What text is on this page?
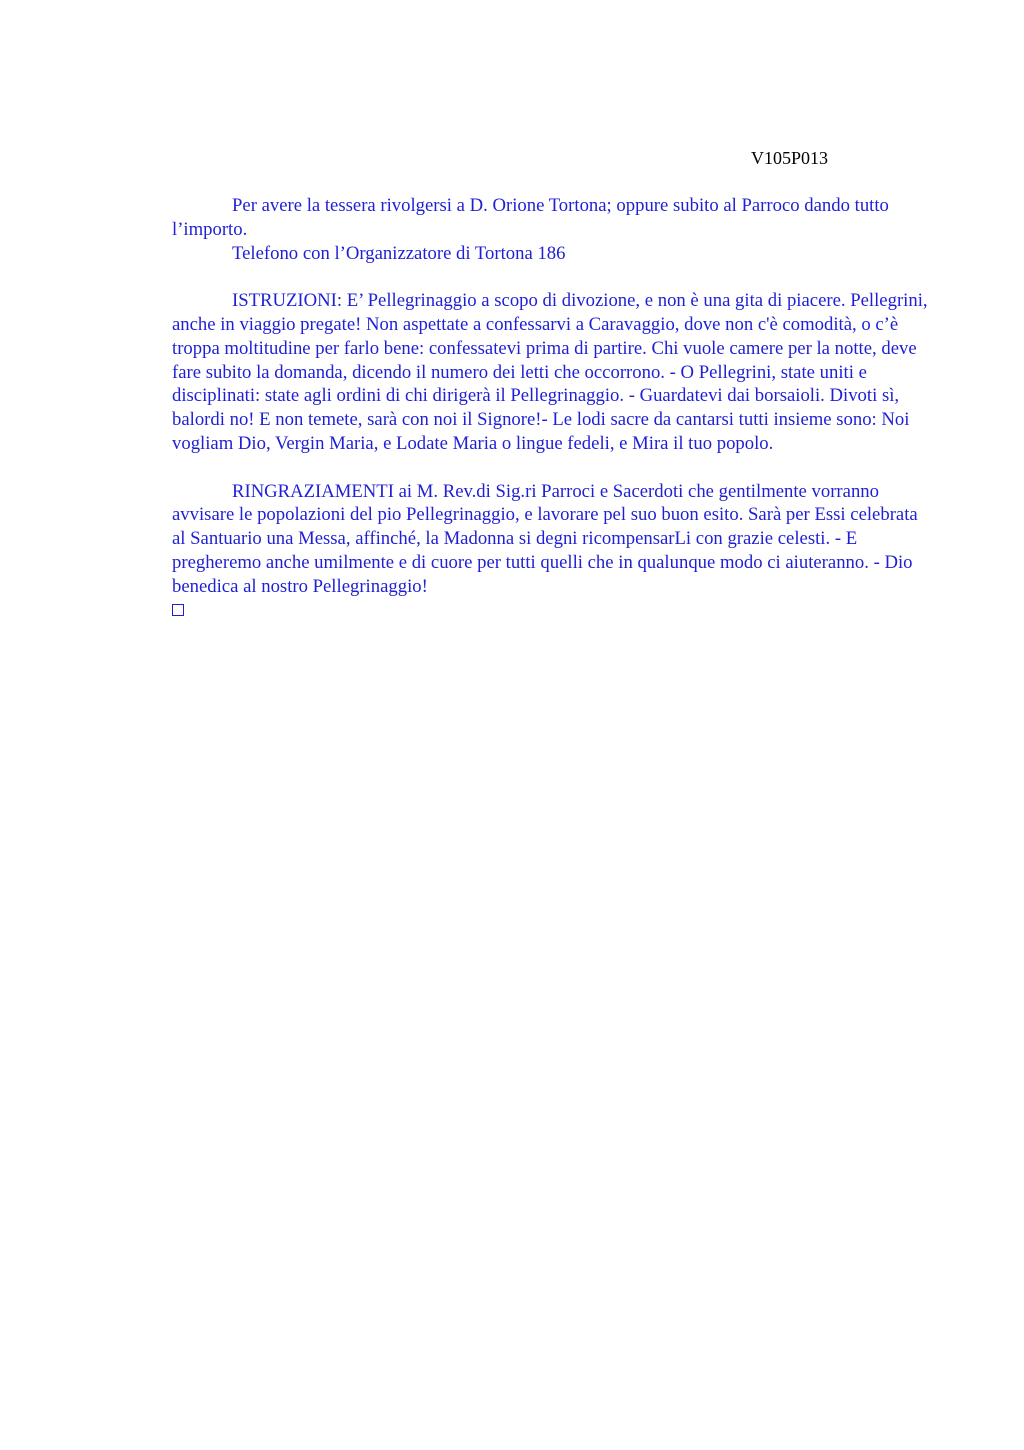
V105P013

Per avere la tessera rivolgersi a D. Orione Tortona; oppure subito al Parroco dando tutto l’importo.

Telefono con l’Organizzatore di Tortona 186

ISTRUZIONI: E’ Pellegrinaggio a scopo di divozione, e non è una gita di piacere. Pellegrini, anche in viaggio pregate! Non aspettate a confessarvi a Caravaggio, dove non c'è comodità, o c’è troppa moltitudine per farlo bene: confessatevi prima di partire. Chi vuole camere per la notte, deve fare subito la domanda, dicendo il numero dei letti che occorrono. - O Pellegrini, state uniti e disciplinati: state agli ordini di chi dirigerà il Pellegrinaggio. - Guardatevi dai borsaioli. Divoti sì, balordi no! E non temete, sarà con noi il Signore!- Le lodi sacre da cantarsi tutti insieme sono: Noi vogliam Dio, Vergin Maria, e Lodate Maria o lingue fedeli, e Mira il tuo popolo.

RINGRAZIAMENTI ai M. Rev.di Sig.ri Parroci e Sacerdoti che gentilmente vorranno avvisare le popolazioni del pio Pellegrinaggio, e lavorare pel suo buon esito. Sarà per Essi celebrata al Santuario una Messa, affinché, la Madonna si degni ricompensarLi con grazie celesti. - E pregheremo anche umilmente e di cuore per tutti quelli che in qualunque modo ci aiuteranno. - Dio benedica al nostro Pellegrinaggio!
